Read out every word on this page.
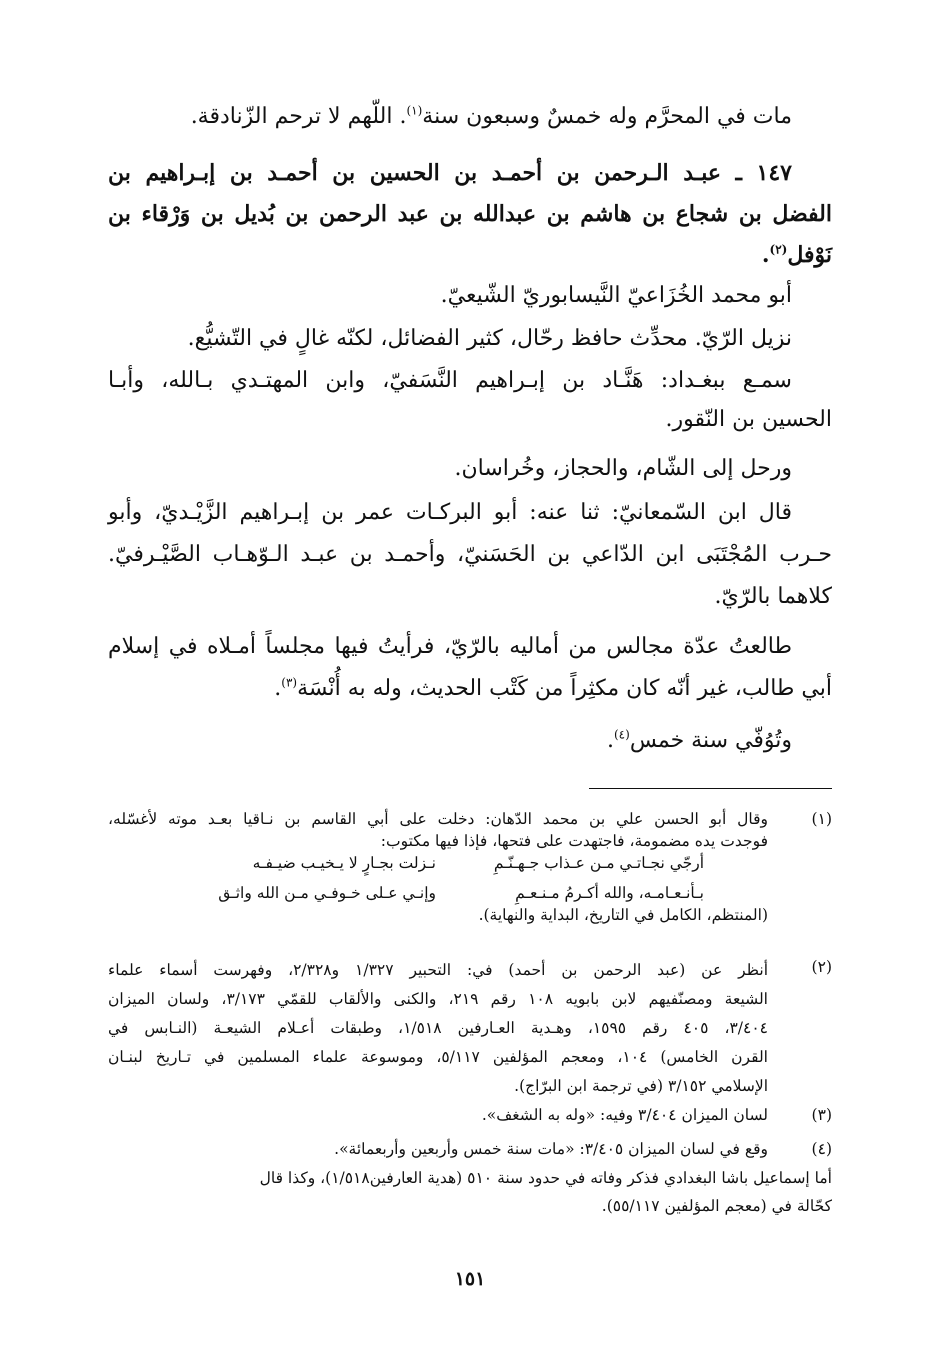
مات في المحرَّم وله خمسٌ وسبعون سنة$^{(١)}$. اللّهم لا ترحم الزّنادقة.
١٤٧ ـ عبـد الـرحمن بن أحمـد بن الحسين بن أحمـد بن إبـراهيم بن
الفضل بن شجاع بن هاشم بن عبدالله بن عبد الرحمن بن بُديل بن وَرْقاء بن
نَوْفل$^{(٢)}$.
أبو محمد الخُزَاعيّ النَّيسابوريّ الشّيعيّ.
نزيل الرّيّ. محدِّث حافظ رحّال، كثير الفضائل، لكنّه غالٍ في التّشيُّع.
سمـع ببغـداد: هَنَّـاد بن إبـراهيم النَّسَفيّ، وابن المهتـدي بـالله، وأبـا
الحسين بن النّقور.
ورحل إلى الشّام، والحجاز، وخُراسان.
قال ابن السّمعانيّ: ثنا عنه: أبو البركـات عمر بن إبـراهيم الزَّيْـديّ، وأبو
حـرب المُجْتَبَى ابن الدّاعي بن الحَسَنيّ، وأحمـد بن عبـد الـوّهـاب الصَّيْـرفيّ.
كلاهما بالرّيّ.
طالعتُ عدّة مجالس من أماليه بالرّيّ، فرأيتُ فيها مجلساً أمـلاه في إسلام
أبي طالب، غير أنّه كان مكثِراً من كَتْب الحديث، وله به أُنْسَة$^{(٣)}$.
وتُوُفّي سنة خمس$^{(٤)}$.
(١)
وقال أبو الحسن علي بن محمد الدّهان: دخلت على أبي القاسم بن نـاقيا بعـد موته لأغسّله،
فوجدت يده مضمومة، فاجتهدت على فتحها، فإذا فيها مكتوب:
نـزلت بجـارٍ لا يـخيـب ضيـفـه	أرجّي نجـاتـي مـن عـذاب جـهـنّـمِ
وإنـي عـلى خـوفـي مـن الله واثـق	بـأنـعـامـه، والله أكـرمُ مـنـعـمِ
(المنتظم، الكامل في التاريخ، البداية والنهاية).
(٢)
أنظر عن (عبد الرحمن بن أحمد) في: التحبير ١/٣٢٧ و٢/٣٢٨، وفهرست أسماء علماء
الشيعة ومصنّفيهم لابن بابويه ١٠٨ رقم ٢١٩، والكنى والألقاب للقمّي ٣/١٧٣، ولسان الميزان
٣/٤٠٤، ٤٠٥ رقم ١٥٩٥، وهـدية العـارفين ١/٥١٨، وطبقات أعـلام الشيعـة (النـابس في
القرن الخامس) ١٠٤، ومعجم المؤلفين ٥/١١٧، وموسوعة علماء المسلمين في تـاريخ لبنـان
الإسلامي ٣/١٥٢ (في ترجمة ابن البرّاج).
(٣)
لسان الميزان ٣/٤٠٤ وفيه: «وله به الشغف».
(٤)
وقع في لسان الميزان ٣/٤٠٥: «مات سنة خمس وأربعين وأربعمائة».
أما إسماعيل باشا البغدادي فذكر وفاته في حدود سنة ٥١٠ (هدية العارفين١/٥١٨)، وكذا قال
كحّالة في (معجم المؤلفين ٥٥/١١٧).
١٥١
